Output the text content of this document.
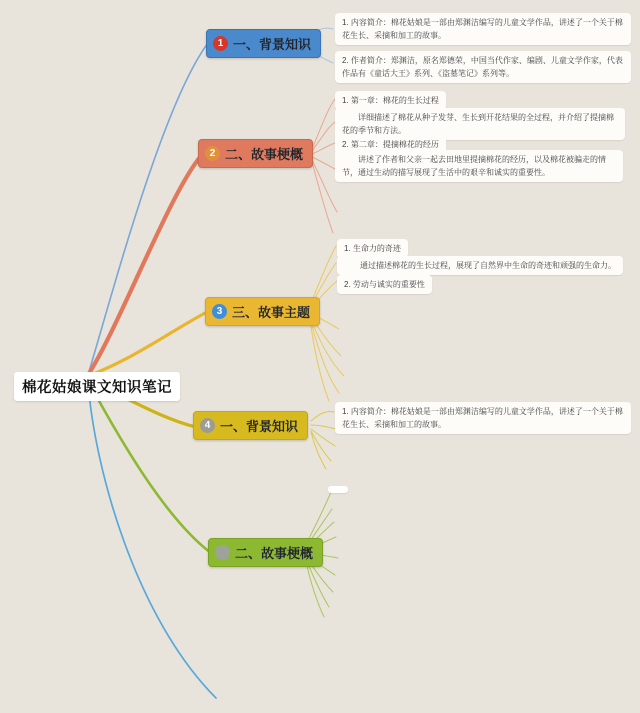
棉花姑娘课文知识笔记
1 一、背景知识
2 二、故事梗概
3 三、故事主题
4 一、背景知识
二、故事梗概
1. 内容简介：棉花姑娘是一部由郑渊洁编写的儿童文学作品，讲述了一个关于棉花生长、采摘和加工的故事。
2. 作者简介：郑渊洁，原名郑德荣，中国当代作家、编剧、儿童文学作家，代表作品有《童话大王》系列、《盗墓笔记》系列等。
1. 第一章：棉花的生长过程
详细描述了棉花从种子发芽、生长到开花结果的全过程，并介绍了提摘棉花的季节和方法。
2. 第二章：提摘棉花的经历
讲述了作者和父亲一起去田地里提摘棉花的经历，以及棉花被骗走的情节，通过生动的描写展现了生活中的艰辛和诚实的重要性。
1. 生命力的奇迹
通过描述棉花的生长过程，展现了自然界中生命的奇迹和顽强的生命力。
2. 劳动与诚实的重要性
1. 内容简介：棉花姑娘是一部由郑渊洁编写的儿童文学作品，讲述了一个关于棉花生长、采摘和加工的故事。
